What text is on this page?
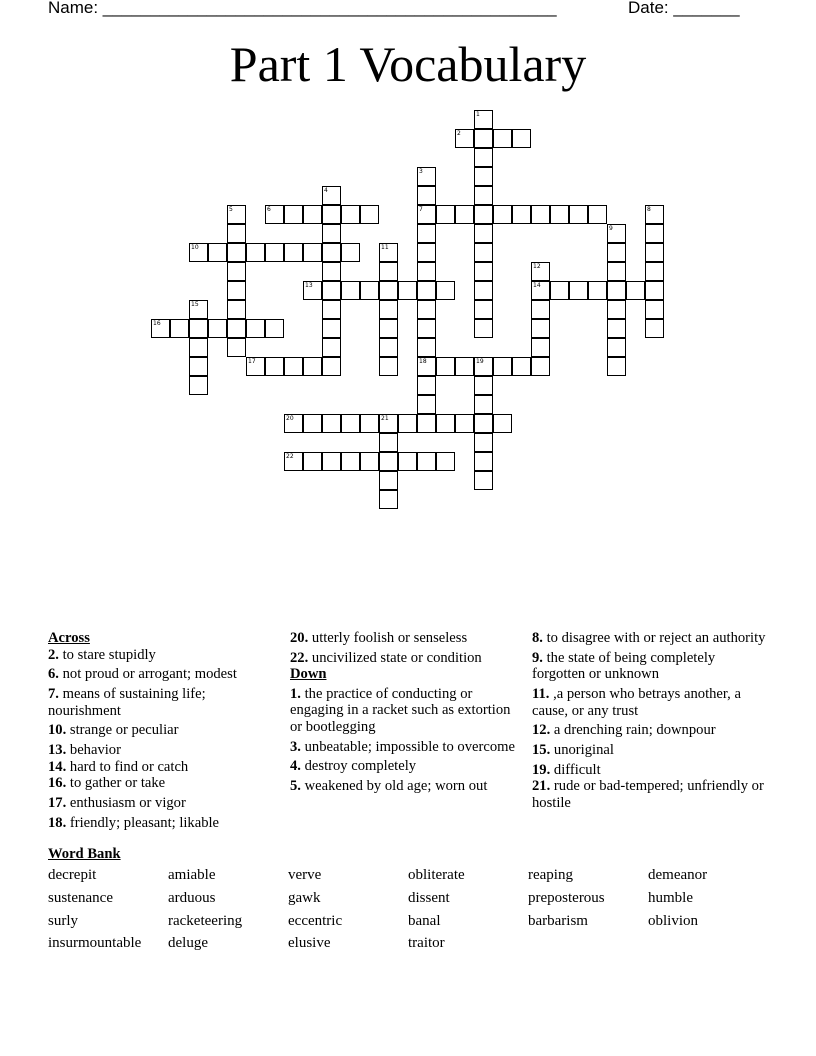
Name: ________________________________________________	Date: _______
Part 1 Vocabulary
2
6	7
10
13	14
16
17	18	19
20	21
22
1
3
4
5	8
9
11
12
15
Across
2. to stare stupidly
6. not proud or arrogant; modest
7. means of sustaining life; nourishment
10. strange or peculiar
13. behavior
14. hard to find or catch
16. to gather or take
17. enthusiasm or vigor
18. friendly; pleasant; likable
20. utterly foolish or senseless
22. uncivilized state or condition
Down
1. the practice of conducting or engaging in a racket such as extortion or bootlegging
3. unbeatable; impossible to overcome
4. destroy completely
5. weakened by old age; worn out
8. to disagree with or reject an authority
9. the state of being completely forgotten or unknown
11. ,a person who betrays another, a cause, or any trust
12. a drenching rain; downpour
15. unoriginal
19. difficult
21. rude or bad-tempered; unfriendly or hostile
Word Bank
decrepit	amiable	verve	obliterate	reaping	demeanor
sustenance	arduous	gawk	dissent	preposterous	humble
surly	racketeering	eccentric	banal	barbarism	oblivion
insurmountable	deluge	elusive	traitor
